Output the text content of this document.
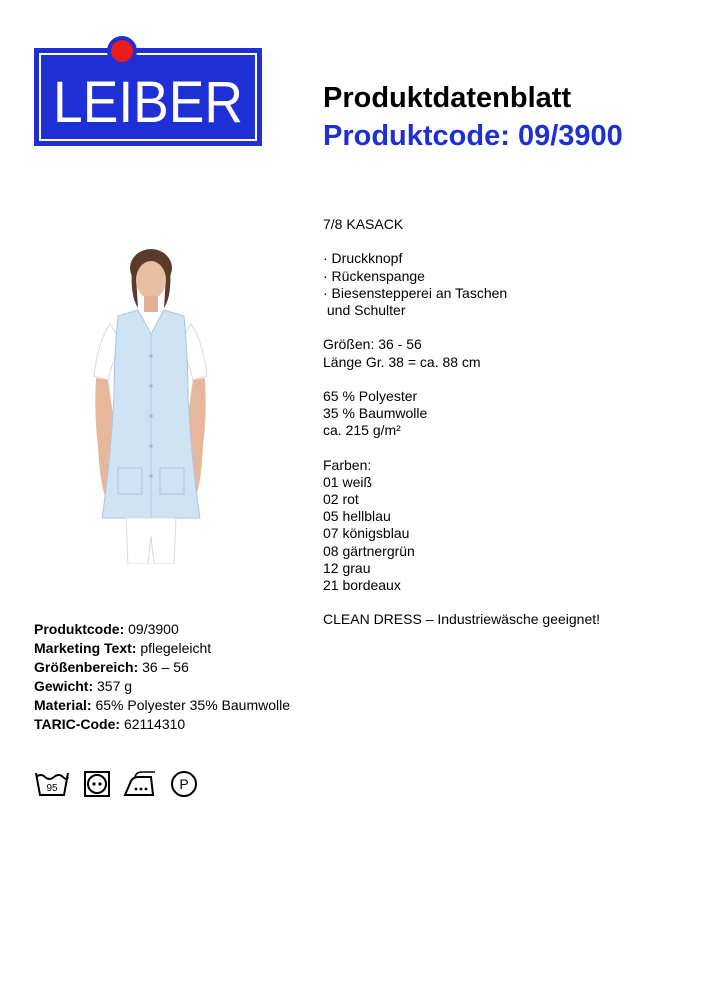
LEIBER	Produktdatenblatt
Produktcode: 09/3900
7/8 KASACK
· Druckknopf
· Rückenspange
· Biesenstepperei an Taschen
und Schulter
Größen: 36 - 56
Länge Gr. 38 = ca. 88 cm
65 % Polyester
35 % Baumwolle
ca. 215 g/m²
Farben:
01 weiß
02 rot
05 hellblau
07 königsblau
08 gärtnergrün
12 grau
21 bordeaux
CLEAN DRESS – Industriewäsche geeignet!
Produktcode: 09/3900
Marketing Text: pflegeleicht
Größenbereich: 36 – 56
Gewicht: 357 g
Material: 65% Polyester 35% Baumwolle
TARIC-Code: 62114310
95	P
